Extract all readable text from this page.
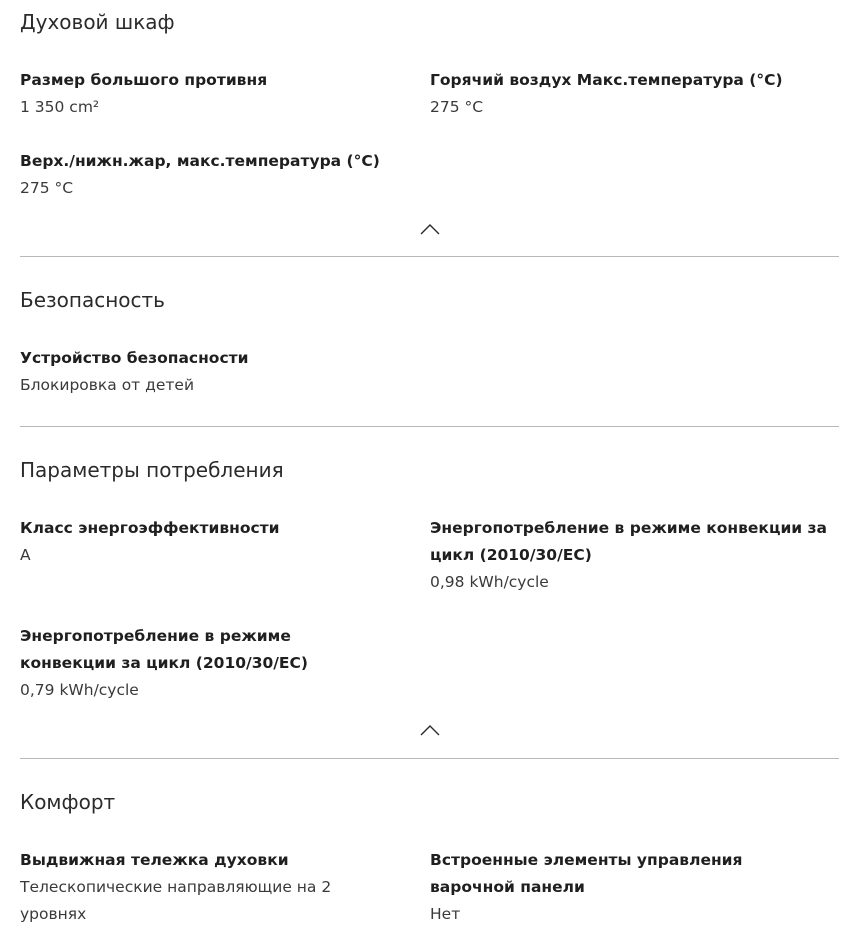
Духовой шкаф
Размер большого противня
1 350 cm²
Горячий воздух Макс.температура (°C)
275 °C
Верх./нижн.жар, макс.температура (°C)
275 °C
Безопасность
Устройство безопасности
Блокировка от детей
Параметры потребления
Класс энергоэффективности
A
Энергопотребление в режиме конвекции за цикл (2010/30/EC)
0,98 kWh/cycle
Энергопотребление в режиме конвекции за цикл (2010/30/EC)
0,79 kWh/cycle
Комфорт
Выдвижная тележка духовки
Телескопические направляющие на 2 уровнях
Встроенные элементы управления варочной панели
Нет
